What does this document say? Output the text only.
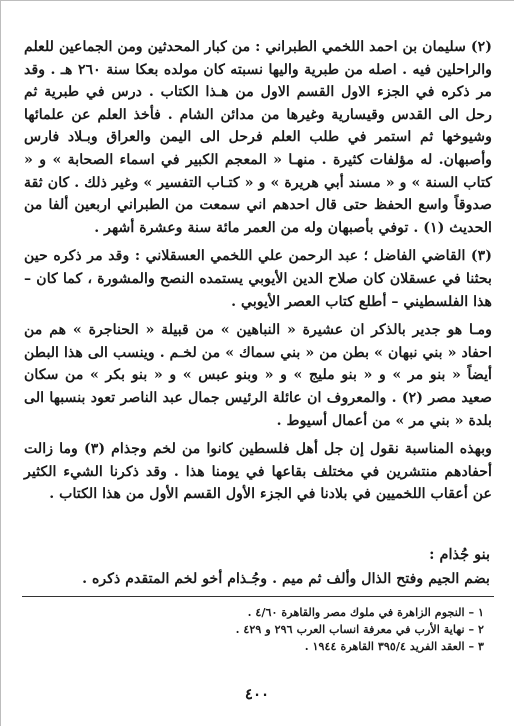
(٢) سليمان بن احمد اللخمي الطبراني : من كبار المحدثين ومن الجماعين للعلم والراحلين فيه . اصله من طبرية واليها نسبته كان مولده بعكا سنة ٢٦٠ هـ . وقد مر ذكره في الجزء الاول القسم الاول من هـذا الكتاب . درس في طبرية ثم رحل الى القدس وقيسارية وغيرها من مدائن الشام . فأخذ العلم عن علمائها وشيوخها ثم استمر في طلب العلم فرحل الى اليمن والعراق وبـلاد فارس وأصبهان. له مؤلفات كثيرة . منهـا « المعجم الكبير في اسماء الصحابة » و « كتاب السنة » و « مسند أبي هريرة » و « كتـاب التفسير » وغير ذلك . كان ثقة صدوقاً واسع الحفظ حتى قال احدهم اني سمعت من الطبراني اربعين ألفا من الحديث (١) . توفي بأصبهان وله من العمر مائة سنة وعشرة أشهر .

(٣) القاضي الفاضل ؛ عبد الرحمن علي اللخمي العسقلاني : وقد مر ذكره حين بحثنا في عسقلان كان صلاح الدين الأيوبي يستمده النصح والمشورة ، كما كان – هذا الفلسطيني – أطلع كتاب العصر الأيوبي .

ومـا هو جدير بالذكر ان عشيرة « النباهين » من قبيلة « الحناجرة » هم من احفاد « بني نبهان » بطن من « بني سماك » من لخـم . وينسب الى هذا البطن أيضاً « بنو مر » و « بنو مليج » و « وبنو عبس » و « بنو بكر » من سكان صعيد مصر (٢) . والمعروف ان عائلة الرئيس جمال عبد الناصر تعود بنسبها الى بلدة « بني مر » من أعمال أسيوط .

وبهذه المناسبة نقول إن جل أهل فلسطين كانوا من لخم وجذام (٣) وما زالت أحفادهم منتشرين في مختلف بقاعها في يومنا هذا . وقد ذكرنا الشيء الكثير عن أعقاب اللخميين في بلادنا في الجزء الأول القسم الأول من هذا الكتاب .

بنو جُذام :
بضم الجيم وفتح الذال وألف ثم ميم . وجُـذام أخو لخم المتقدم ذكره .
١ – النجوم الزاهرة في ملوك مصر والقاهرة ٤/٦٠ .
٢ – نهاية الأرب في معرفة انساب العرب ٢٩٦ و ٤٢٩ .
٣ – العقد الفريد ٣٩٥/٤ القاهرة ١٩٤٤ .
٤٠٠
